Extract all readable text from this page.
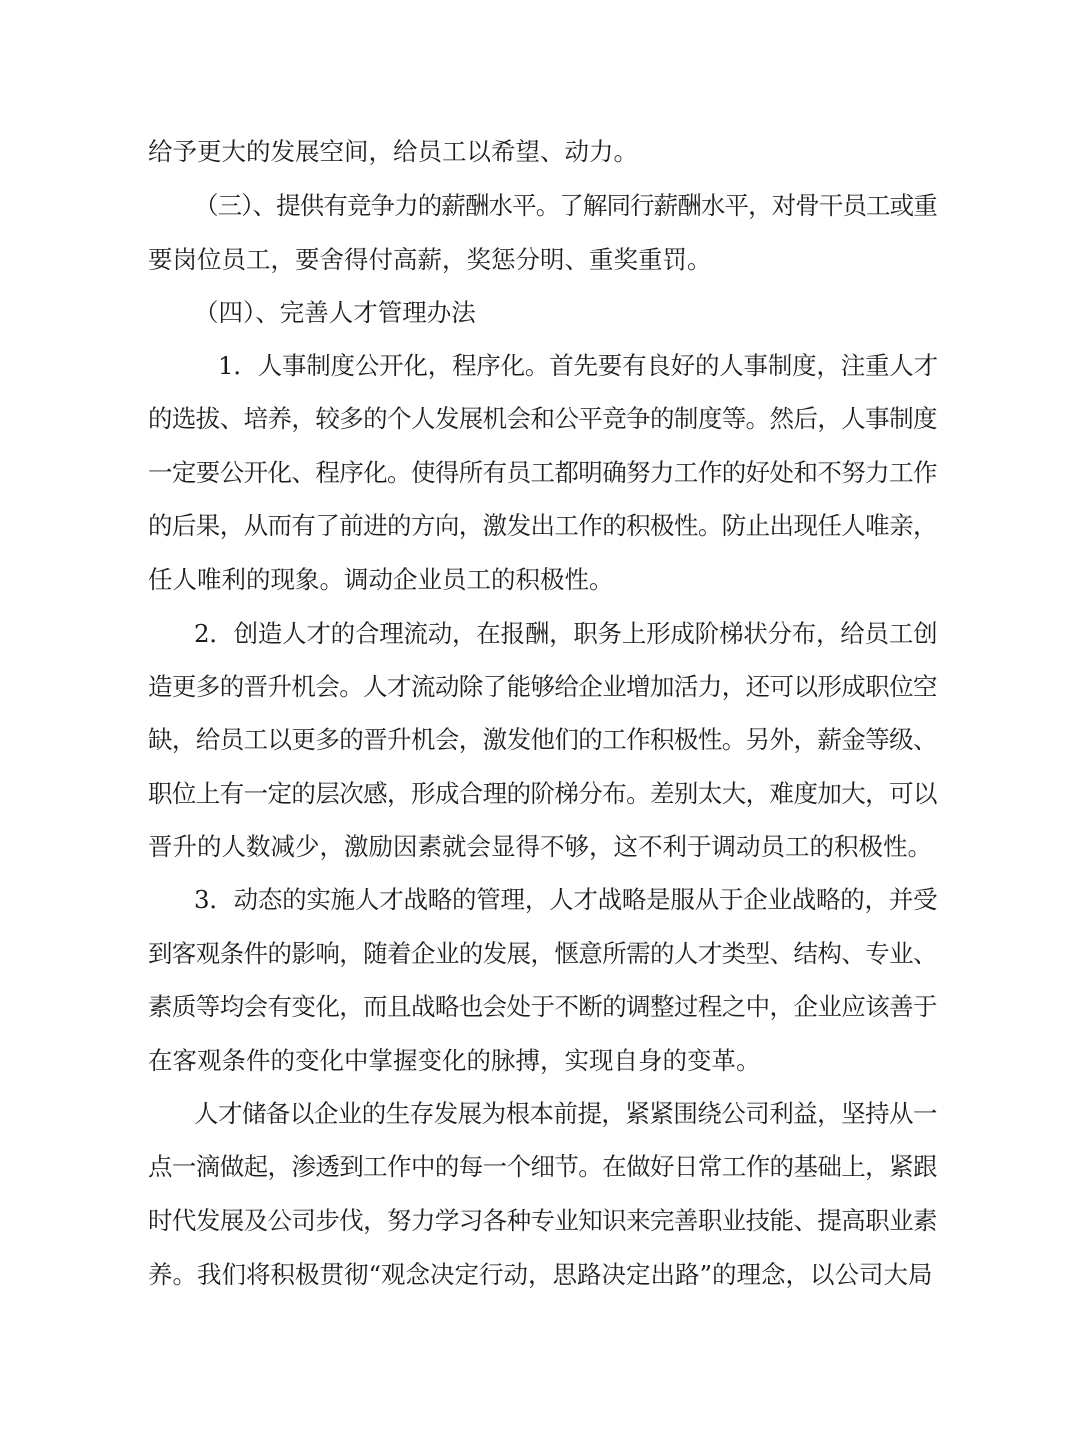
给予更大的发展空间，给员工以希望、动力。
（三）、提供有竞争力的薪酬水平。了解同行薪酬水平，对骨干员工或重
要岗位员工，要舍得付高薪，奖惩分明、重奖重罚。
（四）、完善人才管理办法
1．人事制度公开化，程序化。首先要有良好的人事制度，注重人才
的选拔、培养，较多的个人发展机会和公平竞争的制度等。然后，人事制度
一定要公开化、程序化。使得所有员工都明确努力工作的好处和不努力工作
的后果，从而有了前进的方向，激发出工作的积极性。防止出现任人唯亲，
任人唯利的现象。调动企业员工的积极性。
2．创造人才的合理流动，在报酬，职务上形成阶梯状分布，给员工创
造更多的晋升机会。人才流动除了能够给企业增加活力，还可以形成职位空
缺，给员工以更多的晋升机会，激发他们的工作积极性。另外，薪金等级、
职位上有一定的层次感，形成合理的阶梯分布。差别太大，难度加大，可以
晋升的人数减少，激励因素就会显得不够，这不利于调动员工的积极性。
3．动态的实施人才战略的管理，人才战略是服从于企业战略的，并受
到客观条件的影响，随着企业的发展，惬意所需的人才类型、结构、专业、
素质等均会有变化，而且战略也会处于不断的调整过程之中，企业应该善于
在客观条件的变化中掌握变化的脉搏，实现自身的变革。
人才储备以企业的生存发展为根本前提，紧紧围绕公司利益，坚持从一
点一滴做起，渗透到工作中的每一个细节。在做好日常工作的基础上，紧跟
时代发展及公司步伐，努力学习各种专业知识来完善职业技能、提高职业素
养。我们将积极贯彻“观念决定行动，思路决定出路”的理念，以公司大局
